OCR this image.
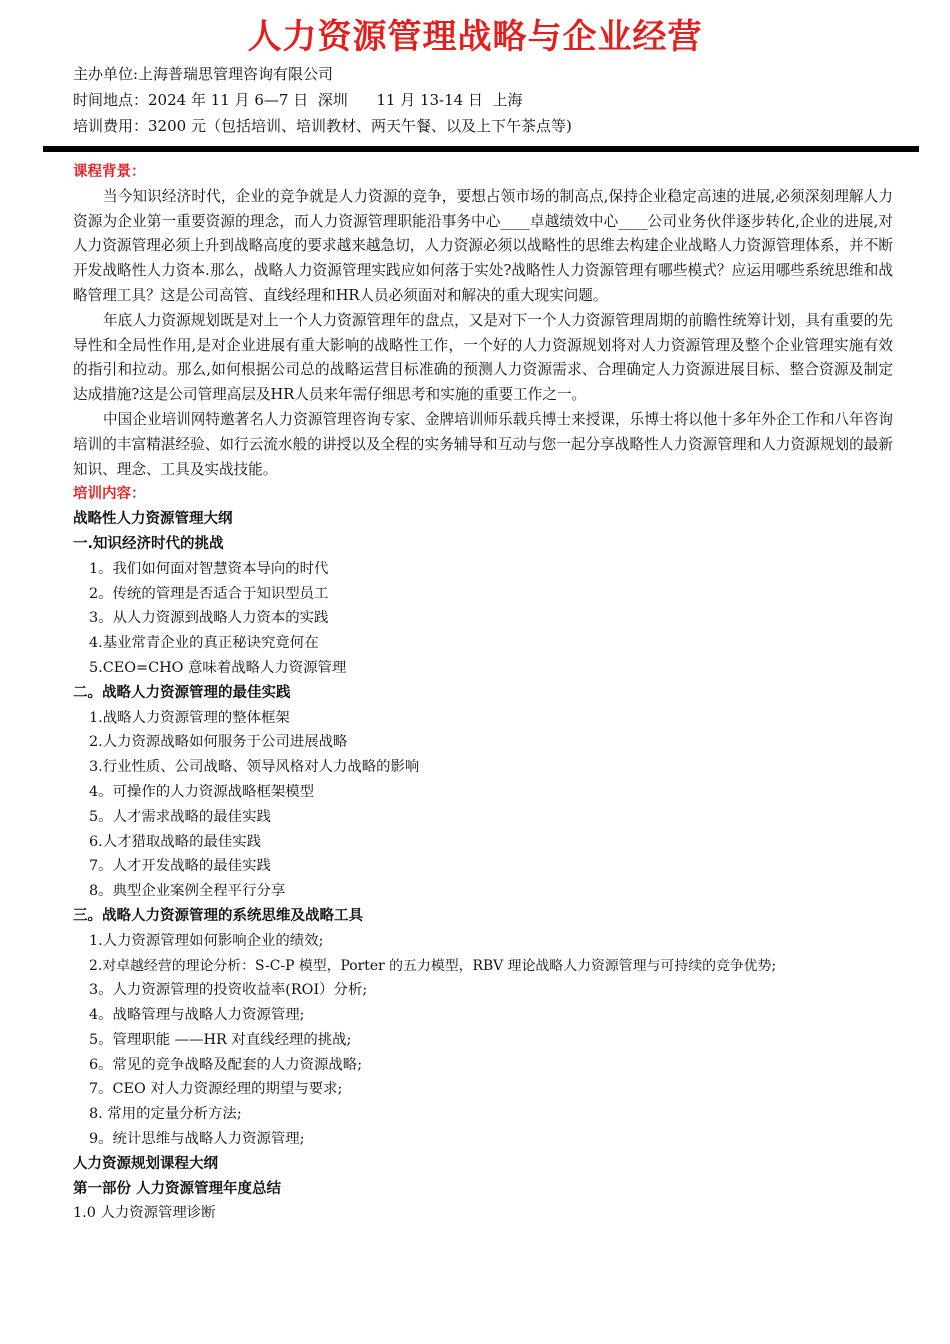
人力资源管理战略与企业经营
主办单位:上海普瑞思管理咨询有限公司
时间地点：2024 年 11 月 6—7 日  深圳      11 月 13-14 日  上海
培训费用：3200 元（包括培训、培训教材、两天午餐、以及上下午茶点等)
课程背景：

当今知识经济时代，企业的竞争就是人力资源的竞争，要想占领市场的制高点,保持企业稳定高速的进展,必须深刻理解人力资源为企业第一重要资源的理念，而人力资源管理职能沿事务中心____卓越绩效中心____公司业务伙伴逐步转化,企业的进展,对人力资源管理必须上升到战略高度的要求越来越急切，人力资源必须以战略性的思维去构建企业战略人力资源管理体系，并不断开发战略性人力资本.那么，战略人力资源管理实践应如何落于实处?战略性人力资源管理有哪些模式？应运用哪些系统思维和战略管理工具？这是公司高管、直线经理和HR人员必须面对和解决的重大现实问题。

年底人力资源规划既是对上一个人力资源管理年的盘点，又是对下一个人力资源管理周期的前瞻性统筹计划，具有重要的先导性和全局性作用,是对企业进展有重大影响的战略性工作，一个好的人力资源规划将对人力资源管理及整个企业管理实施有效的指引和拉动。那么,如何根据公司总的战略运营目标准确的预测人力资源需求、合理确定人力资源进展目标、整合资源及制定达成措施?这是公司管理高层及HR人员来年需仔细思考和实施的重要工作之一。

中国企业培训网特邀著名人力资源管理咨询专家、金牌培训师乐载兵博士来授课，乐博士将以他十多年外企工作和八年咨询培训的丰富精湛经验、如行云流水般的讲授以及全程的实务辅导和互动与您一起分享战略性人力资源管理和人力资源规划的最新知识、理念、工具及实战技能。

培训内容：
战略性人力资源管理大纲
一.知识经济时代的挑战
1。我们如何面对智慧资本导向的时代
2。传统的管理是否适合于知识型员工
3。从人力资源到战略人力资本的实践
4.基业常青企业的真正秘诀究竟何在
5.CEO=CHO 意味着战略人力资源管理
二。战略人力资源管理的最佳实践
1.战略人力资源管理的整体框架
2.人力资源战略如何服务于公司进展战略
3.行业性质、公司战略、领导风格对人力战略的影响
4。可操作的人力资源战略框架模型
5。人才需求战略的最佳实践
6.人才猎取战略的最佳实践
7。人才开发战略的最佳实践
8。典型企业案例全程平行分享
三。战略人力资源管理的系统思维及战略工具
1.人力资源管理如何影响企业的绩效;
2.对卓越经营的理论分析：S-C-P 模型，Porter 的五力模型，RBV 理论战略人力资源管理与可持续的竞争优势;
3。人力资源管理的投资收益率(ROI）分析;
4。战略管理与战略人力资源管理;
5。管理职能 ——HR 对直线经理的挑战;
6。常见的竞争战略及配套的人力资源战略;
7。CEO 对人力资源经理的期望与要求;
8. 常用的定量分析方法;
9。统计思维与战略人力资源管理;
人力资源规划课程大纲
第一部份 人力资源管理年度总结
1.0 人力资源管理诊断
